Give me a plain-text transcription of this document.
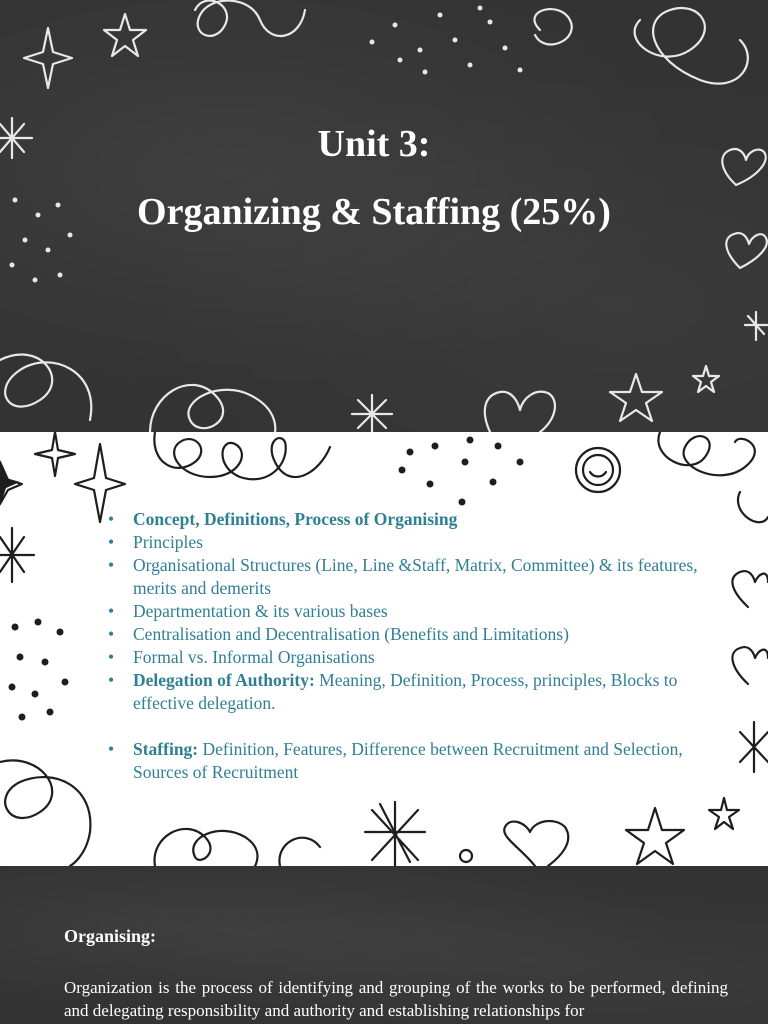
Unit 3:

Organizing & Staffing (25%)

• Concept, Definitions, Process of Organising
• Principles
• Organisational Structures (Line, Line &Staff, Matrix, Committee) & its features, merits and demerits
• Departmentation & its various bases
• Centralisation and Decentralisation (Benefits and Limitations)
• Formal vs. Informal Organisations
• Delegation of Authority: Meaning, Definition, Process, principles, Blocks to effective delegation.
• Staffing: Definition, Features, Difference between Recruitment and Selection, Sources of Recruitment

Organising:

Organization is the process of identifying and grouping of the works to be performed, defining and delegating responsibility and authority and establishing relationships for
